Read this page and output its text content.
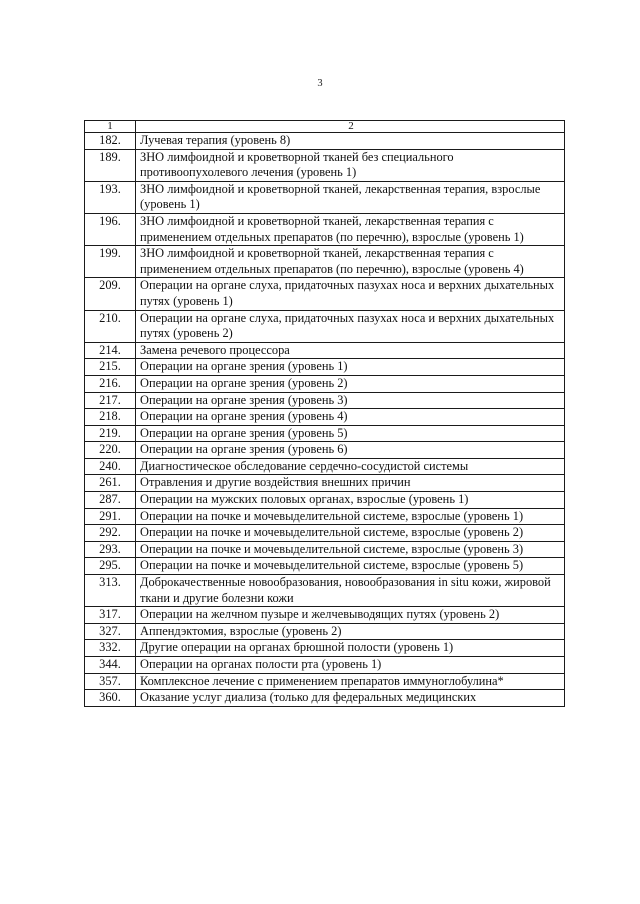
3
1	2
182.	Лучевая терапия (уровень 8)
189.	ЗНО лимфоидной и кроветворной тканей без специального противоопухолевого лечения (уровень 1)
193.	ЗНО лимфоидной и кроветворной тканей, лекарственная терапия, взрослые (уровень 1)
196.	ЗНО лимфоидной и кроветворной тканей, лекарственная терапия с применением отдельных препаратов (по перечню), взрослые (уровень 1)
199.	ЗНО лимфоидной и кроветворной тканей, лекарственная терапия с применением отдельных препаратов (по перечню), взрослые (уровень 4)
209.	Операции на органе слуха, придаточных пазухах носа и верхних дыхательных путях (уровень 1)
210.	Операции на органе слуха, придаточных пазухах носа и верхних дыхательных путях (уровень 2)
214.	Замена речевого процессора
215.	Операции на органе зрения (уровень 1)
216.	Операции на органе зрения (уровень 2)
217.	Операции на органе зрения (уровень 3)
218.	Операции на органе зрения (уровень 4)
219.	Операции на органе зрения (уровень 5)
220.	Операции на органе зрения (уровень 6)
240.	Диагностическое обследование сердечно-сосудистой системы
261.	Отравления и другие воздействия внешних причин
287.	Операции на мужских половых органах, взрослые (уровень 1)
291.	Операции на почке и мочевыделительной системе, взрослые (уровень 1)
292.	Операции на почке и мочевыделительной системе, взрослые (уровень 2)
293.	Операции на почке и мочевыделительной системе, взрослые (уровень 3)
295.	Операции на почке и мочевыделительной системе, взрослые (уровень 5)
313.	Доброкачественные новообразования, новообразования in situ кожи, жировой ткани и другие болезни кожи
317.	Операции на желчном пузыре и желчевыводящих путях (уровень 2)
327.	Аппендэктомия, взрослые (уровень 2)
332.	Другие операции на органах брюшной полости (уровень 1)
344.	Операции на органах полости рта (уровень 1)
357.	Комплексное лечение с применением препаратов иммуноглобулина*
360.	Оказание услуг диализа (только для федеральных медицинских
